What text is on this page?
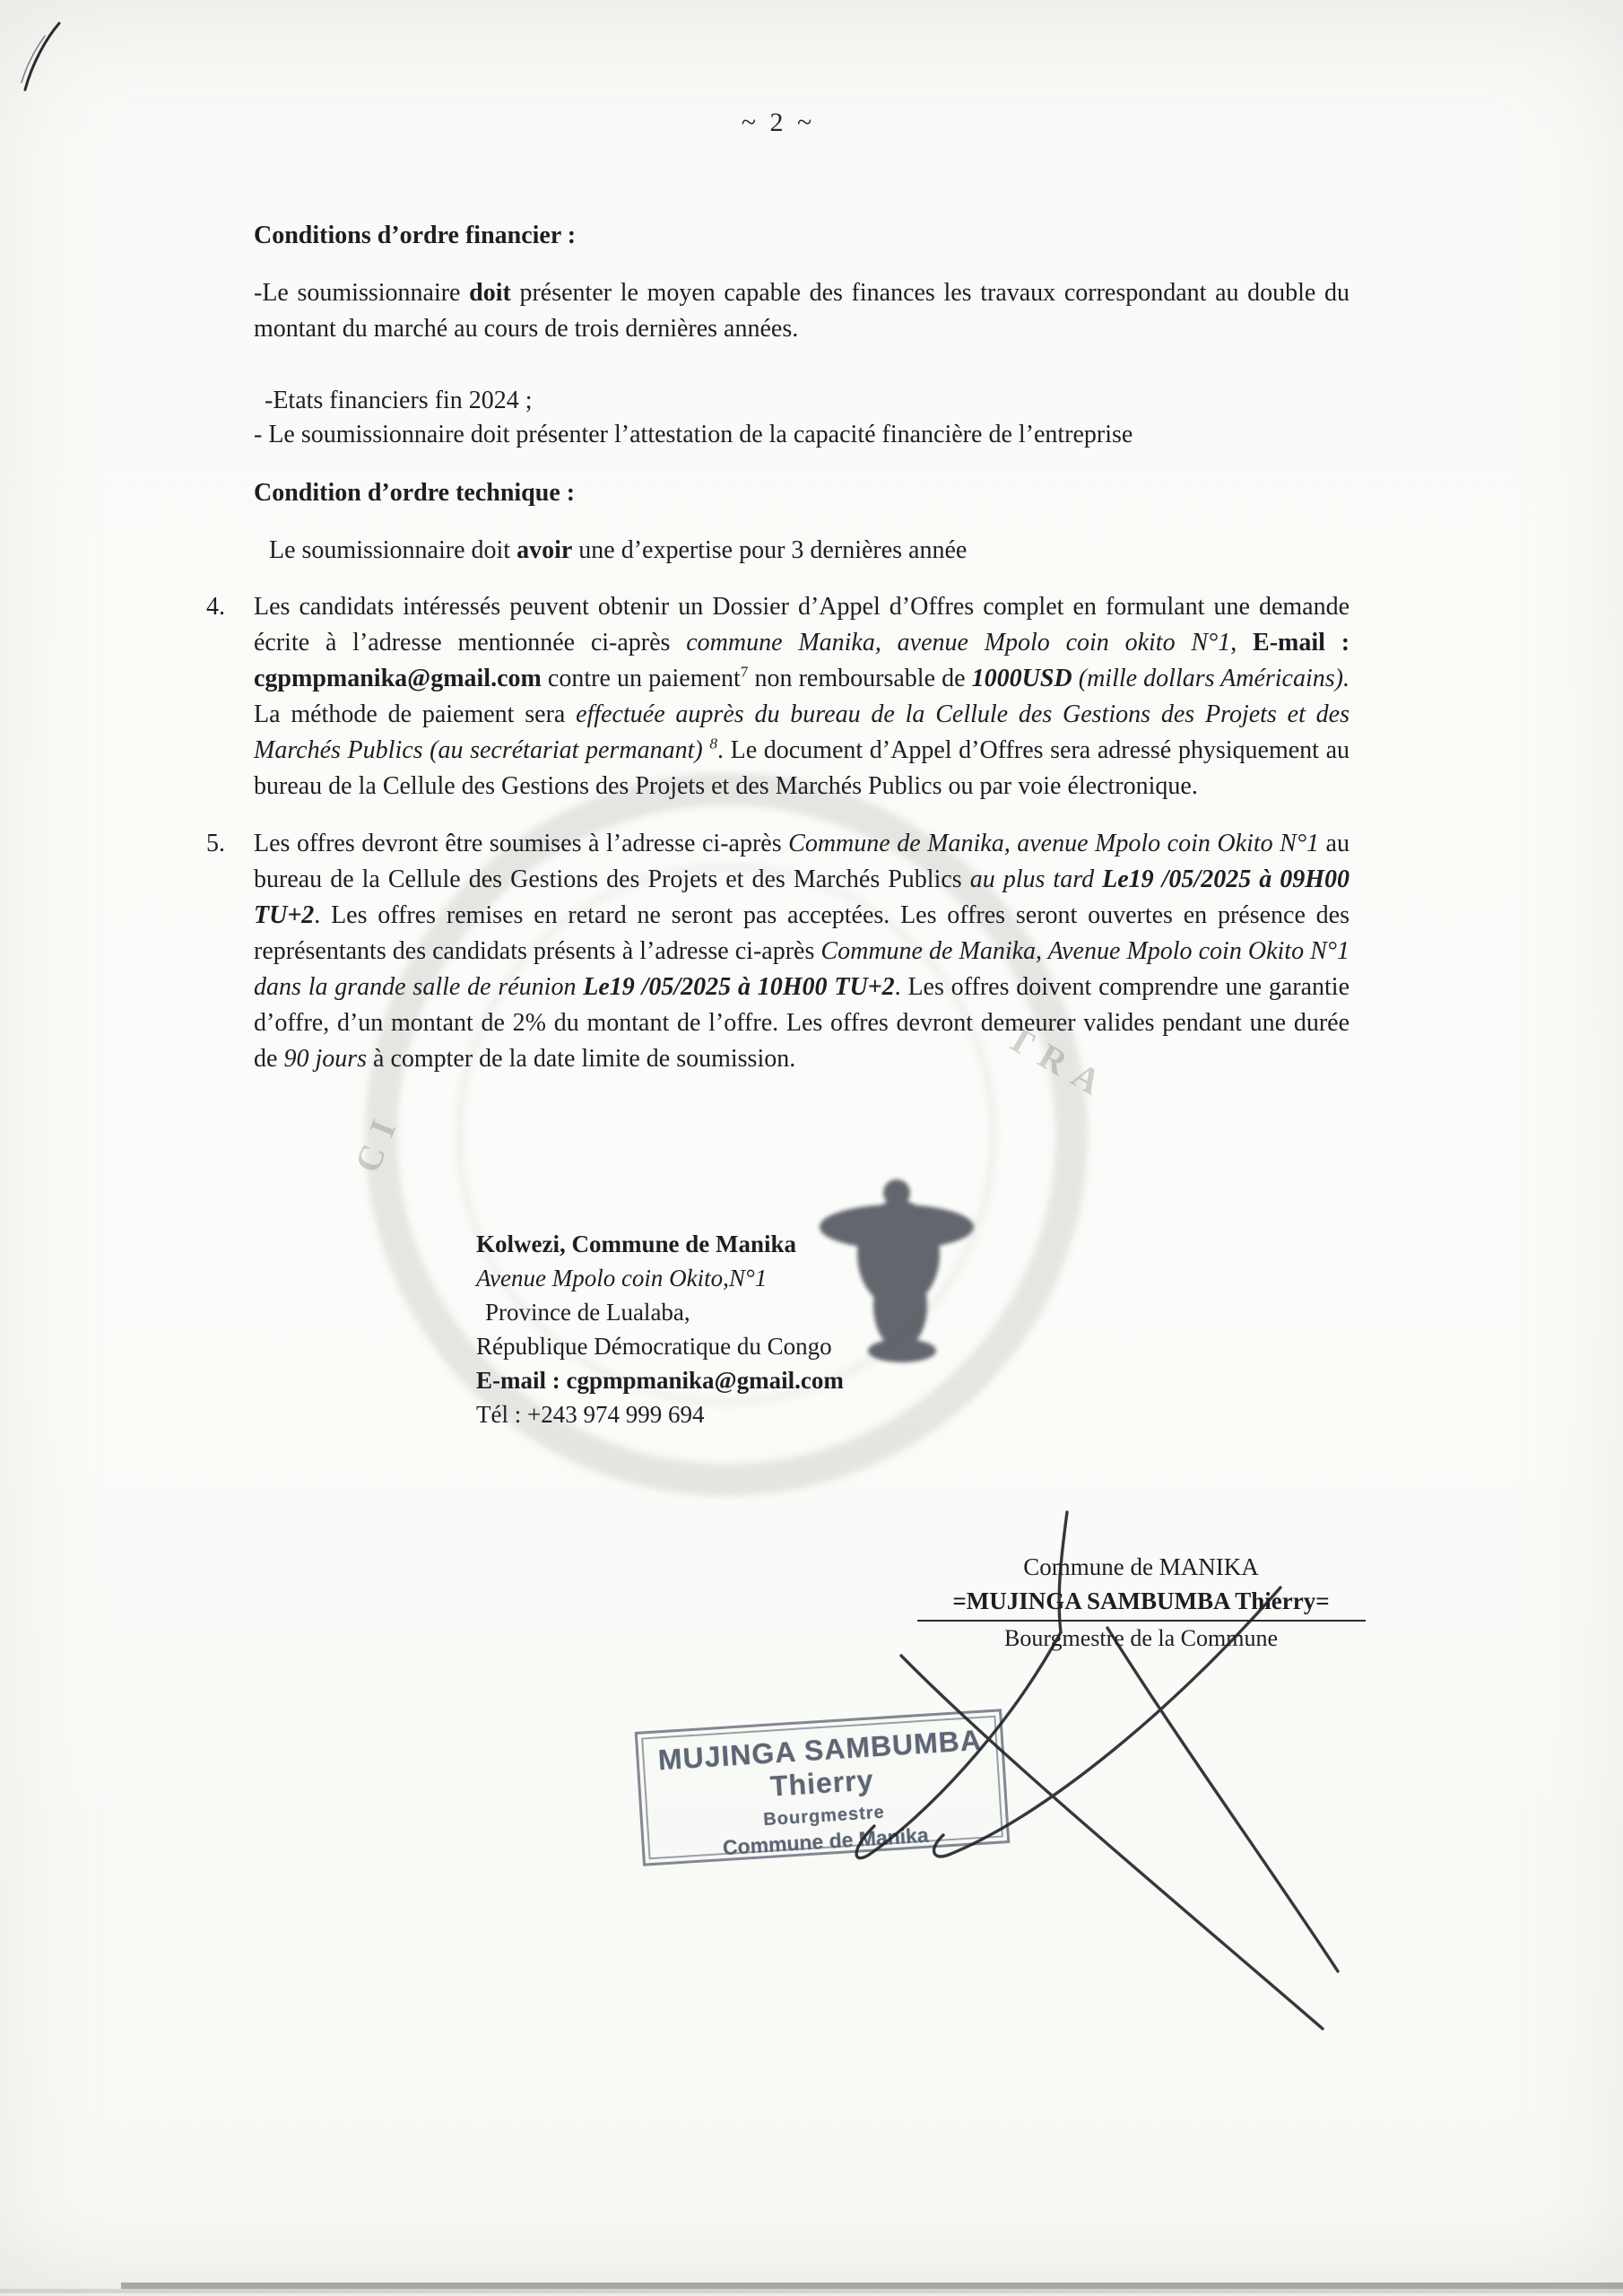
CI
TRA
~ 2 ~
Conditions d’ordre financier :

-Le soumissionnaire doit présenter le moyen capable des finances les travaux correspondant au double du montant du marché au cours de trois dernières années.

-Etats financiers fin 2024 ;

- Le soumissionnaire doit présenter l’attestation de la capacité financière de l’entreprise

Condition d’ordre technique :

Le soumissionnaire doit avoir une d’expertise pour 3 dernières année

4. Les candidats intéressés peuvent obtenir un Dossier d’Appel d’Offres complet en formulant une demande écrite à l’adresse mentionnée ci-après commune Manika, avenue Mpolo coin okito N°1, E-mail : cgpmpmanika@gmail.com contre un paiement$^7$ non remboursable de 1000USD (mille dollars Américains). La méthode de paiement sera effectuée auprès du bureau de la Cellule des Gestions des Projets et des Marchés Publics (au secrétariat permanant) $^8$. Le document d’Appel d’Offres sera adressé physiquement au bureau de la Cellule des Gestions des Projets et des Marchés Publics ou par voie électronique.
5. Les offres devront être soumises à l’adresse ci-après Commune de Manika, avenue Mpolo coin Okito N°1 au bureau de la Cellule des Gestions des Projets et des Marchés Publics au plus tard Le19 /05/2025 à 09H00 TU+2. Les offres remises en retard ne seront pas acceptées. Les offres seront ouvertes en présence des représentants des candidats présents à l’adresse ci-après Commune de Manika, Avenue Mpolo coin Okito N°1 dans la grande salle de réunion Le19 /05/2025 à 10H00 TU+2. Les offres doivent comprendre une garantie d’offre, d’un montant de 2% du montant de l’offre. Les offres devront demeurer valides pendant une durée de 90 jours à compter de la date limite de soumission.
Kolwezi, Commune de Manika
Avenue Mpolo coin Okito,N°1
Province de Lualaba,
République Démocratique du Congo
E-mail : cgpmpmanika@gmail.com
Tél : +243 974 999 694
Commune de MANIKA
=MUJINGA SAMBUMBA Thierry=
Bourgmestre de la Commune
MUJINGA SAMBUMBA Thierry
Bourgmestre
Commune de Manika
